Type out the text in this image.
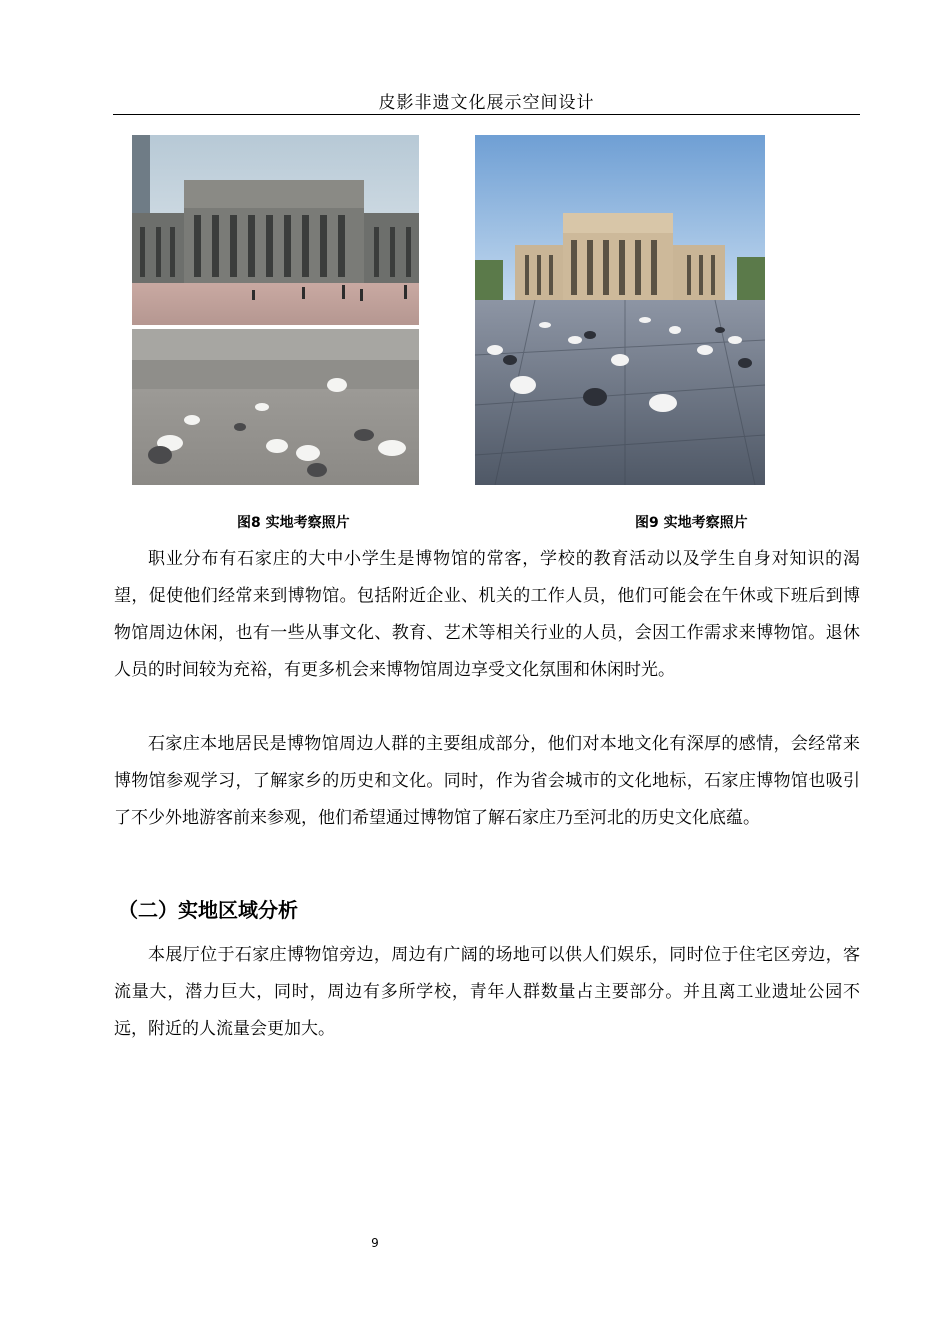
皮影非遗文化展示空间设计
图8 实地考察照片	图9 实地考察照片

职业分布有石家庄的大中小学生是博物馆的常客，学校的教育活动以及学生自身对知识的渴望，促使他们经常来到博物馆。包括附近企业、机关的工作人员，他们可能会在午休或下班后到博物馆周边休闲，也有一些从事文化、教育、艺术等相关行业的人员，会因工作需求来博物馆。退休人员的时间较为充裕，有更多机会来博物馆周边享受文化氛围和休闲时光。

石家庄本地居民是博物馆周边人群的主要组成部分，他们对本地文化有深厚的感情，会经常来博物馆参观学习，了解家乡的历史和文化。同时，作为省会城市的文化地标，石家庄博物馆也吸引了不少外地游客前来参观，他们希望通过博物馆了解石家庄乃至河北的历史文化底蕴。

（二）实地区域分析

本展厅位于石家庄博物馆旁边，周边有广阔的场地可以供人们娱乐，同时位于住宅区旁边，客流量大，潜力巨大，同时，周边有多所学校，青年人群数量占主要部分。并且离工业遗址公园不远，附近的人流量会更加大。

9
